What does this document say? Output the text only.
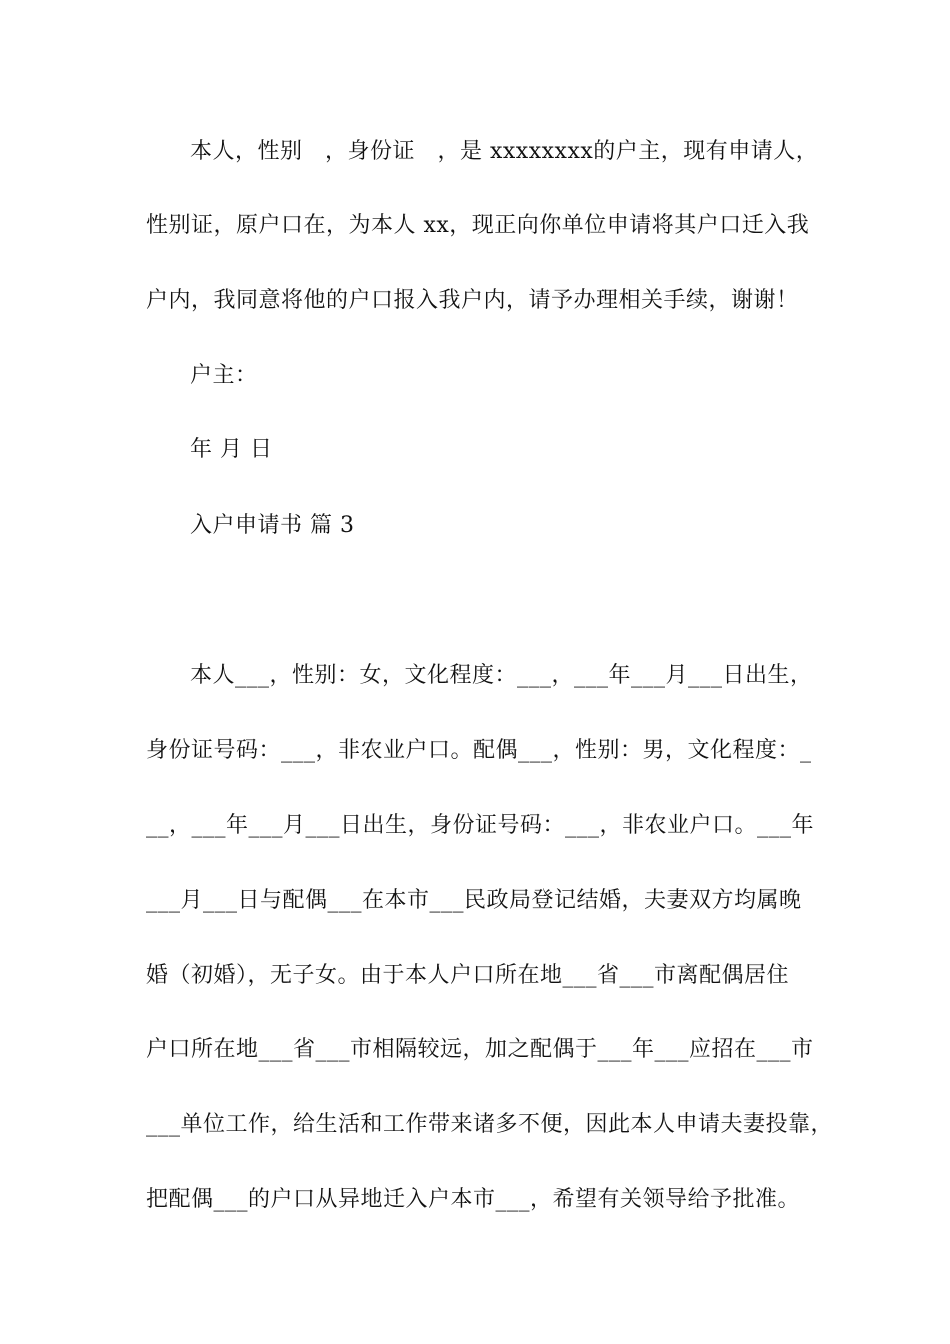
本人，性别　，身份证　，是 xxxxxxxx的户主，现有申请人，
性别证，原户口在，为本人 xx，现正向你单位申请将其户口迁入我
户内，我同意将他的户口报入我户内，请予办理相关手续，谢谢！
户主：
年 月 日
入户申请书 篇 3
本人___，性别：女，文化程度：___，___年___月___日出生，
身份证号码：___，非农业户口。配偶___，性别：男，文化程度：_
__，___年___月___日出生，身份证号码：___，非农业户口。___年
___月___日与配偶___在本市___民政局登记结婚，夫妻双方均属晚
婚（初婚），无子女。由于本人户口所在地___省___市离配偶居住
户口所在地___省___市相隔较远，加之配偶于___年___应招在___市
___单位工作，给生活和工作带来诸多不便，因此本人申请夫妻投靠，
把配偶___的户口从异地迁入户本市___，希望有关领导给予批准。
